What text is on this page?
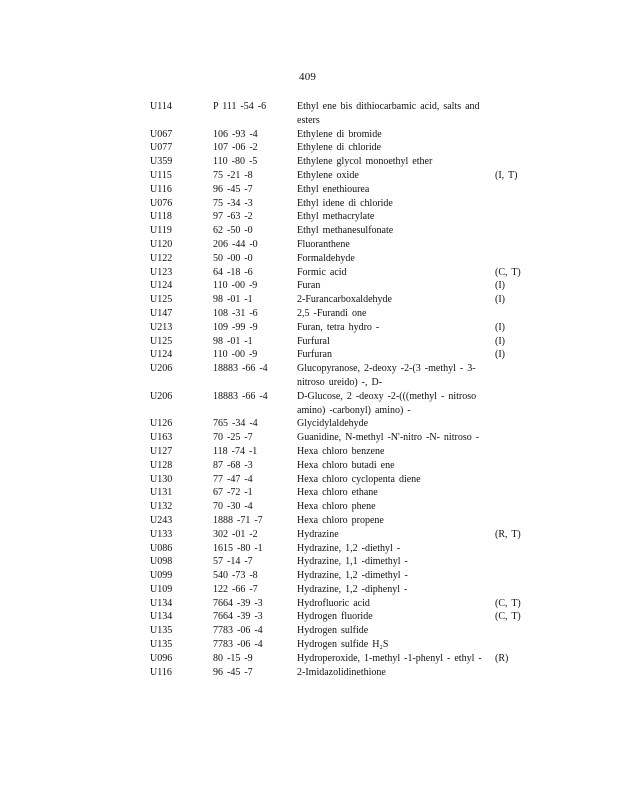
409
U114	P 111 -54 -6	Ethyl ene bis dithiocarbamic acid, salts and esters
U067	106 -93 -4	Ethylene di bromide
U077	107 -06 -2	Ethylene di chloride
U359	110 -80 -5	Ethylene glycol monoethyl ether
U115	75 -21 -8	Ethylene oxide	(I, T)
U116	96 -45 -7	Ethyl enethiourea
U076	75 -34 -3	Ethyl idene di chloride
U118	97 -63 -2	Ethyl methacrylate
U119	62 -50 -0	Ethyl methanesulfonate
U120	206 -44 -0	Fluoranthene
U122	50 -00 -0	Formaldehyde
U123	64 -18 -6	Formic acid	(C, T)
U124	110 -00 -9	Furan	(I)
U125	98 -01 -1	2-Furancarboxaldehyde	(I)
U147	108 -31 -6	2,5 -Furandi one
U213	109 -99 -9	Furan, tetra hydro -	(I)
U125	98 -01 -1	Furfural	(I)
U124	110 -00 -9	Furfuran	(I)
U206	18883 -66 -4	Glucopyranose, 2-deoxy -2-(3 -methyl - 3-nitroso ureido) -, D-
U206	18883 -66 -4	D-Glucose, 2 -deoxy -2-(((methyl - nitroso amino) -carbonyl) amino) -
U126	765 -34 -4	Glycidylaldehyde
U163	70 -25 -7	Guanidine, N-methyl -N'-nitro -N- nitroso -
U127	118 -74 -1	Hexa chloro benzene
U128	87 -68 -3	Hexa chloro butadi ene
U130	77 -47 -4	Hexa chloro cyclopenta diene
U131	67 -72 -1	Hexa chloro ethane
U132	70 -30 -4	Hexa chloro phene
U243	1888 -71 -7	Hexa chloro propene
U133	302 -01 -2	Hydrazine	(R, T)
U086	1615 -80 -1	Hydrazine, 1,2 -diethyl -
U098	57 -14 -7	Hydrazine, 1,1 -dimethyl -
U099	540 -73 -8	Hydrazine, 1,2 -dimethyl -
U109	122 -66 -7	Hydrazine, 1,2 -diphenyl -
U134	7664 -39 -3	Hydrofluoric acid	(C, T)
U134	7664 -39 -3	Hydrogen fluoride	(C, T)
U135	7783 -06 -4	Hydrogen sulfide
U135	7783 -06 -4	Hydrogen sulfide H₂S
U096	80 -15 -9	Hydroperoxide, 1-methyl -1-phenyl - ethyl -	(R)
U116	96 -45 -7	2-Imidazolidinethione
